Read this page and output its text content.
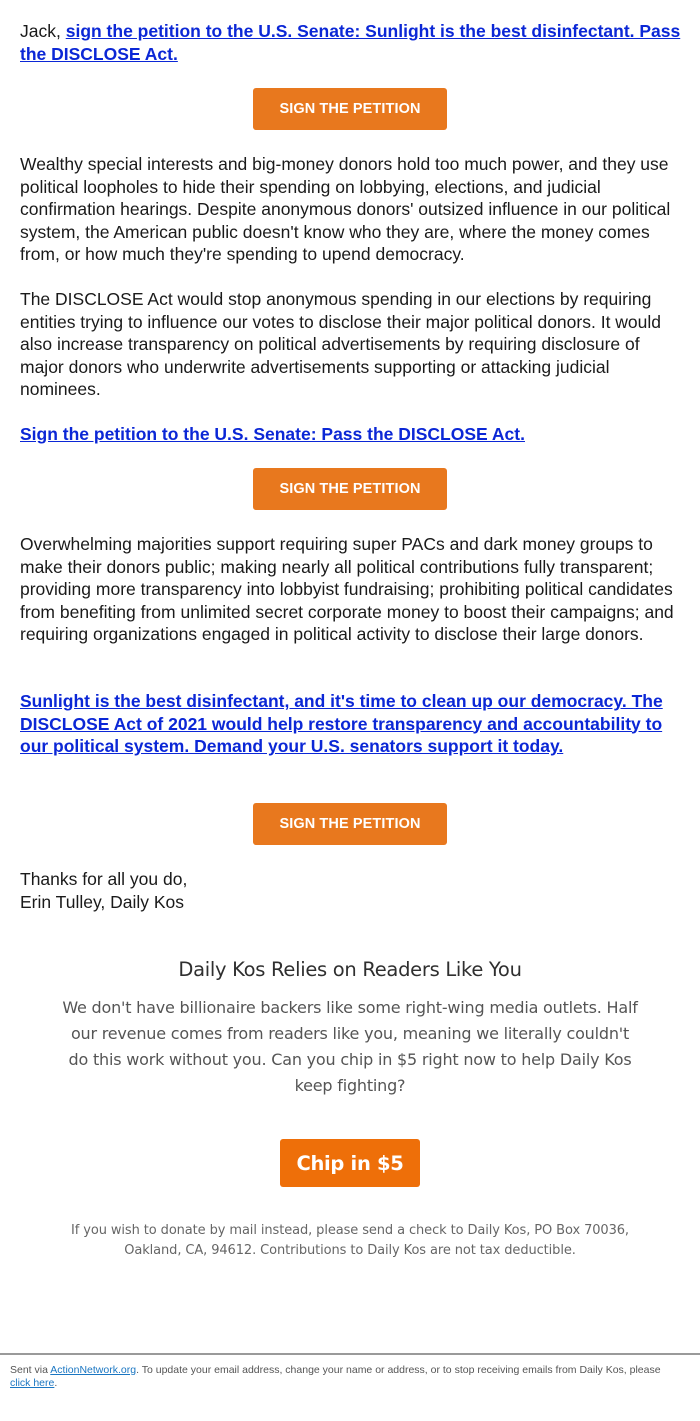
Jack, sign the petition to the U.S. Senate: Sunlight is the best disinfectant. Pass the DISCLOSE Act.

SIGN THE PETITION

Wealthy special interests and big-money donors hold too much power, and they use political loopholes to hide their spending on lobbying, elections, and judicial confirmation hearings. Despite anonymous donors' outsized influence in our political system, the American public doesn't know who they are, where the money comes from, or how much they're spending to upend democracy.

The DISCLOSE Act would stop anonymous spending in our elections by requiring entities trying to influence our votes to disclose their major political donors. It would also increase transparency on political advertisements by requiring disclosure of major donors who underwrite advertisements supporting or attacking judicial nominees.

Sign the petition to the U.S. Senate: Pass the DISCLOSE Act.

SIGN THE PETITION

Overwhelming majorities support requiring super PACs and dark money groups to make their donors public; making nearly all political contributions fully transparent; providing more transparency into lobbyist fundraising; prohibiting political candidates from benefiting from unlimited secret corporate money to boost their campaigns; and requiring organizations engaged in political activity to disclose their large donors.

Sunlight is the best disinfectant, and it's time to clean up our democracy. The DISCLOSE Act of 2021 would help restore transparency and accountability to our political system. Demand your U.S. senators support it today.

SIGN THE PETITION

Thanks for all you do,
Erin Tulley, Daily Kos

Daily Kos Relies on Readers Like You
We don't have billionaire backers like some right-wing media outlets. Half our revenue comes from readers like you, meaning we literally couldn't do this work without you. Can you chip in $5 right now to help Daily Kos keep fighting?
Chip in $5
If you wish to donate by mail instead, please send a check to Daily Kos, PO Box 70036, Oakland, CA, 94612. Contributions to Daily Kos are not tax deductible.
Sent via ActionNetwork.org. To update your email address, change your name or address, or to stop receiving emails from Daily Kos, please click here.
